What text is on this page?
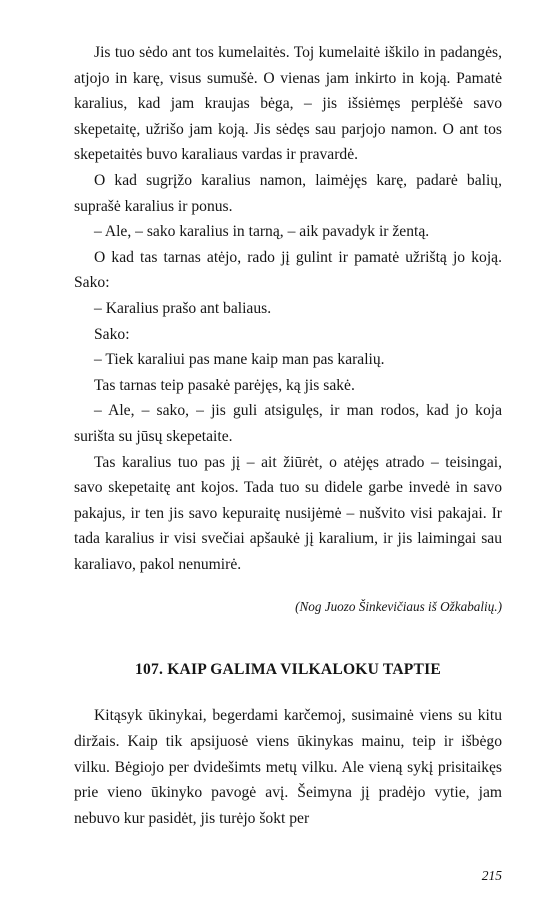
Jis tuo sėdo ant tos kumelaitės. Toj kumelaitė iškilo in padangės, atjojo in karę, visus sumušė. O vienas jam inkirto in koją. Pamatė karalius, kad jam kraujas bėga, – jis išsiėmęs perplėšė savo skepetaitę, užrišo jam koją. Jis sėdęs sau parjojo namon. O ant tos skepetaitės buvo karaliaus vardas ir pravardė.

O kad sugrįžo karalius namon, laimėjęs karę, padarė balių, suprašė karalius ir ponus.

– Ale, – sako karalius in tarną, – aik pavadyk ir žentą.

O kad tas tarnas atėjo, rado jį gulint ir pamatė užrištą jo koją. Sako:

– Karalius prašo ant baliaus.

Sako:

– Tiek karaliui pas mane kaip man pas karalių.

Tas tarnas teip pasakė parėjęs, ką jis sakė.

– Ale, – sako, – jis guli atsigulęs, ir man rodos, kad jo koja surišta su jūsų skepetaite.

Tas karalius tuo pas jį – ait žiūrėt, o atėjęs atrado – teisingai, savo skepetaitę ant kojos. Tada tuo su didele garbe invedė in savo pakajus, ir ten jis savo kepuraitę nusijėmė – nušvito visi pakajai. Ir tada karalius ir visi svečiai apšaukė jį karalium, ir jis laimingai sau karaliavo, pakol nenumirė.

(Nog Juozo Šinkevičiaus iš Ožkabalių.)

107. KAIP GALIMA VILKALOKU TAPTIE

Kitąsyk ūkinykai, begerdami karčemoj, susimainė viens su kitu diržais. Kaip tik apsijuosė viens ūkinykas mainu, teip ir išbėgo vilku. Bėgiojo per dvidešimts metų vilku. Ale vieną sykį prisitaikęs prie vieno ūkinyko pavogė avį. Šeimyna jį pradėjo vytie, jam nebuvo kur pasidėt, jis turėjo šokt per

215
